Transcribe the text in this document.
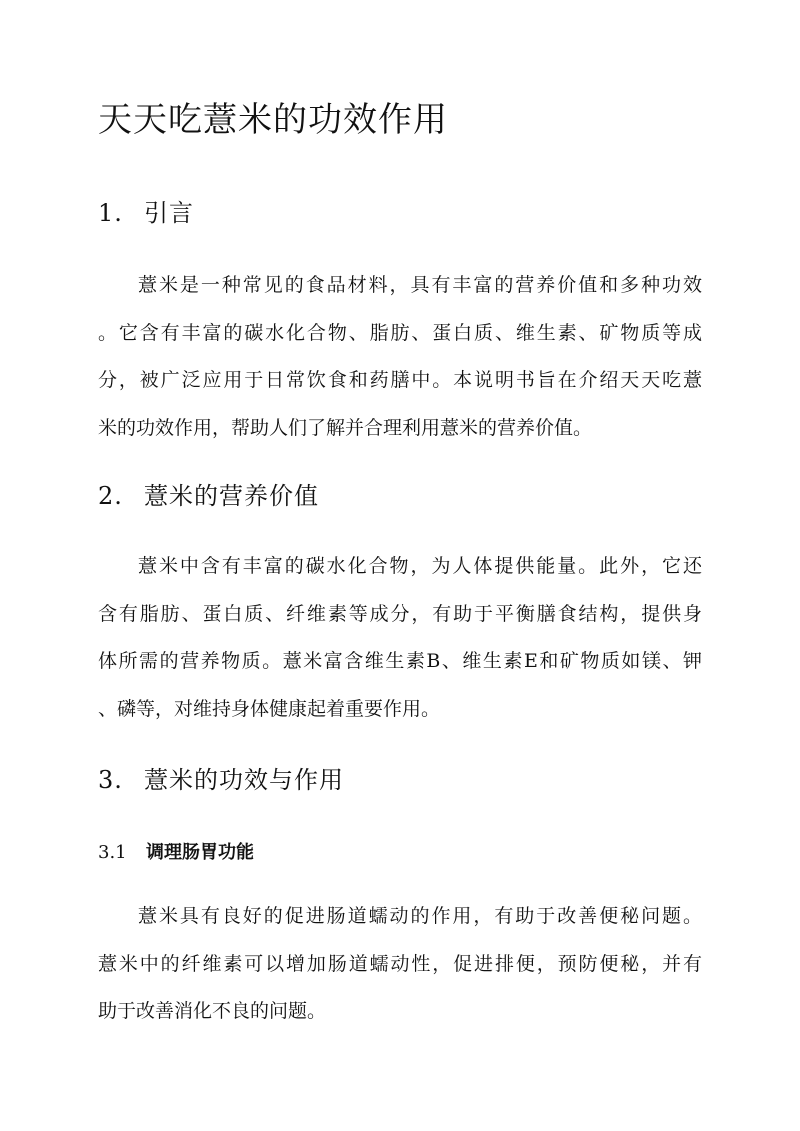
天天吃薏米的功效作用
1. 引言
薏米是一种常见的食品材料，具有丰富的营养价值和多种功效
。它含有丰富的碳水化合物、脂肪、蛋白质、维生素、矿物质等成
分，被广泛应用于日常饮食和药膳中。本说明书旨在介绍天天吃薏
米的功效作用，帮助人们了解并合理利用薏米的营养价值。
2. 薏米的营养价值
薏米中含有丰富的碳水化合物，为人体提供能量。此外，它还
含有脂肪、蛋白质、纤维素等成分，有助于平衡膳食结构，提供身
体所需的营养物质。薏米富含维生素B、维生素E和矿物质如镁、钾
、磷等，对维持身体健康起着重要作用。
3. 薏米的功效与作用
3.1 调理肠胃功能
薏米具有良好的促进肠道蠕动的作用，有助于改善便秘问题。
薏米中的纤维素可以增加肠道蠕动性，促进排便，预防便秘，并有
助于改善消化不良的问题。
